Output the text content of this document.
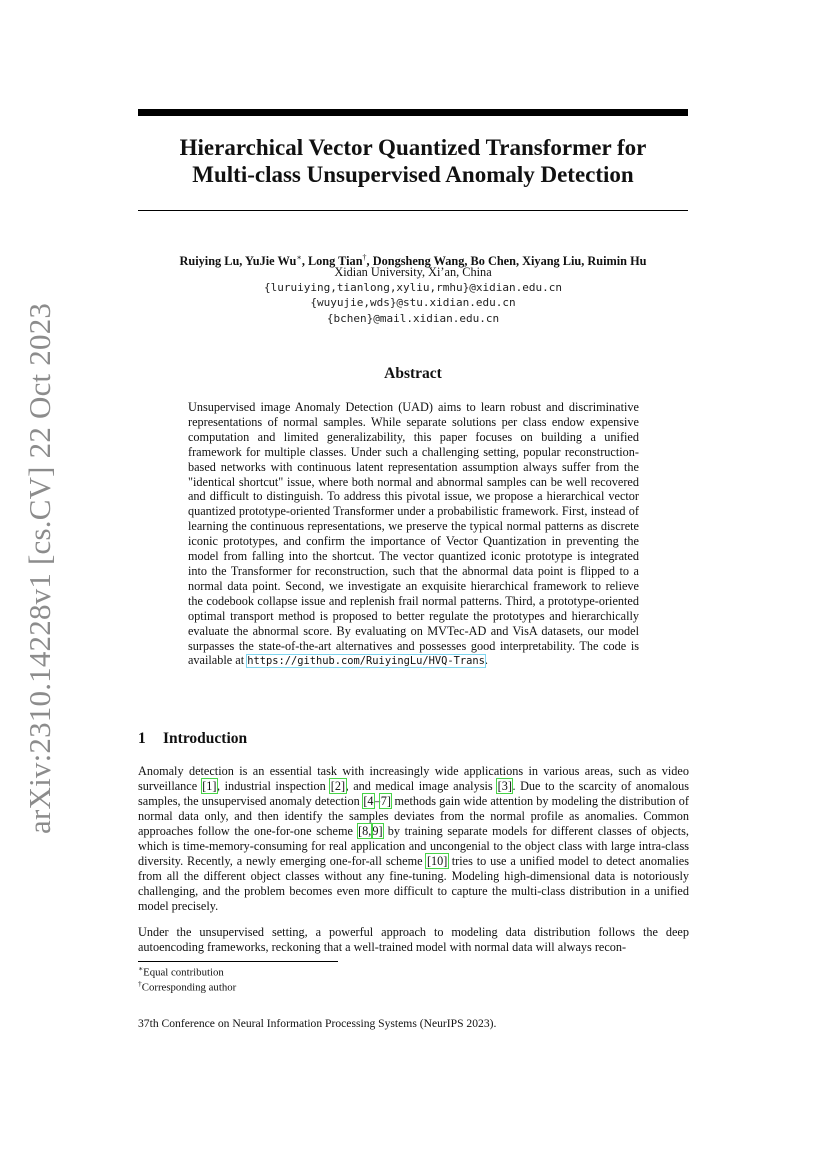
arXiv:2310.14228v1 [cs.CV] 22 Oct 2023
Hierarchical Vector Quantized Transformer for
Multi-class Unsupervised Anomaly Detection
Ruiying Lu, YuJie Wu∗, Long Tian†, Dongsheng Wang, Bo Chen, Xiyang Liu, Ruimin Hu
Xidian University, Xi’an, China
{luruiying,tianlong,xyliu,rmhu}@xidian.edu.cn
{wuyujie,wds}@stu.xidian.edu.cn
{bchen}@mail.xidian.edu.cn
Abstract
Unsupervised image Anomaly Detection (UAD) aims to learn robust and discriminative representations of normal samples. While separate solutions per class endow expensive computation and limited generalizability, this paper focuses on building a unified framework for multiple classes. Under such a challenging setting, popular reconstruction-based networks with continuous latent representation assumption always suffer from the "identical shortcut" issue, where both normal and abnormal samples can be well recovered and difficult to distinguish. To address this pivotal issue, we propose a hierarchical vector quantized prototype-oriented Transformer under a probabilistic framework. First, instead of learning the continuous representations, we preserve the typical normal patterns as discrete iconic prototypes, and confirm the importance of Vector Quantization in preventing the model from falling into the shortcut. The vector quantized iconic prototype is integrated into the Transformer for reconstruction, such that the abnormal data point is flipped to a normal data point. Second, we investigate an exquisite hierarchical framework to relieve the codebook collapse issue and replenish frail normal patterns. Third, a prototype-oriented optimal transport method is proposed to better regulate the prototypes and hierarchically evaluate the abnormal score. By evaluating on MVTec-AD and VisA datasets, our model surpasses the state-of-the-art alternatives and possesses good interpretability. The code is available at https://github.com/RuiyingLu/HVQ-Trans.
1 Introduction
Anomaly detection is an essential task with increasingly wide applications in various areas, such as video surveillance [1], industrial inspection [2], and medical image analysis [3]. Due to the scarcity of anomalous samples, the unsupervised anomaly detection [4–7] methods gain wide attention by modeling the distribution of normal data only, and then identify the samples deviates from the normal profile as anomalies. Common approaches follow the one-for-one scheme [8,9] by training separate models for different classes of objects, which is time-memory-consuming for real application and uncongenial to the object class with large intra-class diversity. Recently, a newly emerging one-for-all scheme [10] tries to use a unified model to detect anomalies from all the different object classes without any fine-tuning. Modeling high-dimensional data is notoriously challenging, and the problem becomes even more difficult to capture the multi-class distribution in a unified model precisely.
Under the unsupervised setting, a powerful approach to modeling data distribution follows the deep autoencoding frameworks, reckoning that a well-trained model with normal data will always recon-
∗Equal contribution
†Corresponding author
37th Conference on Neural Information Processing Systems (NeurIPS 2023).
